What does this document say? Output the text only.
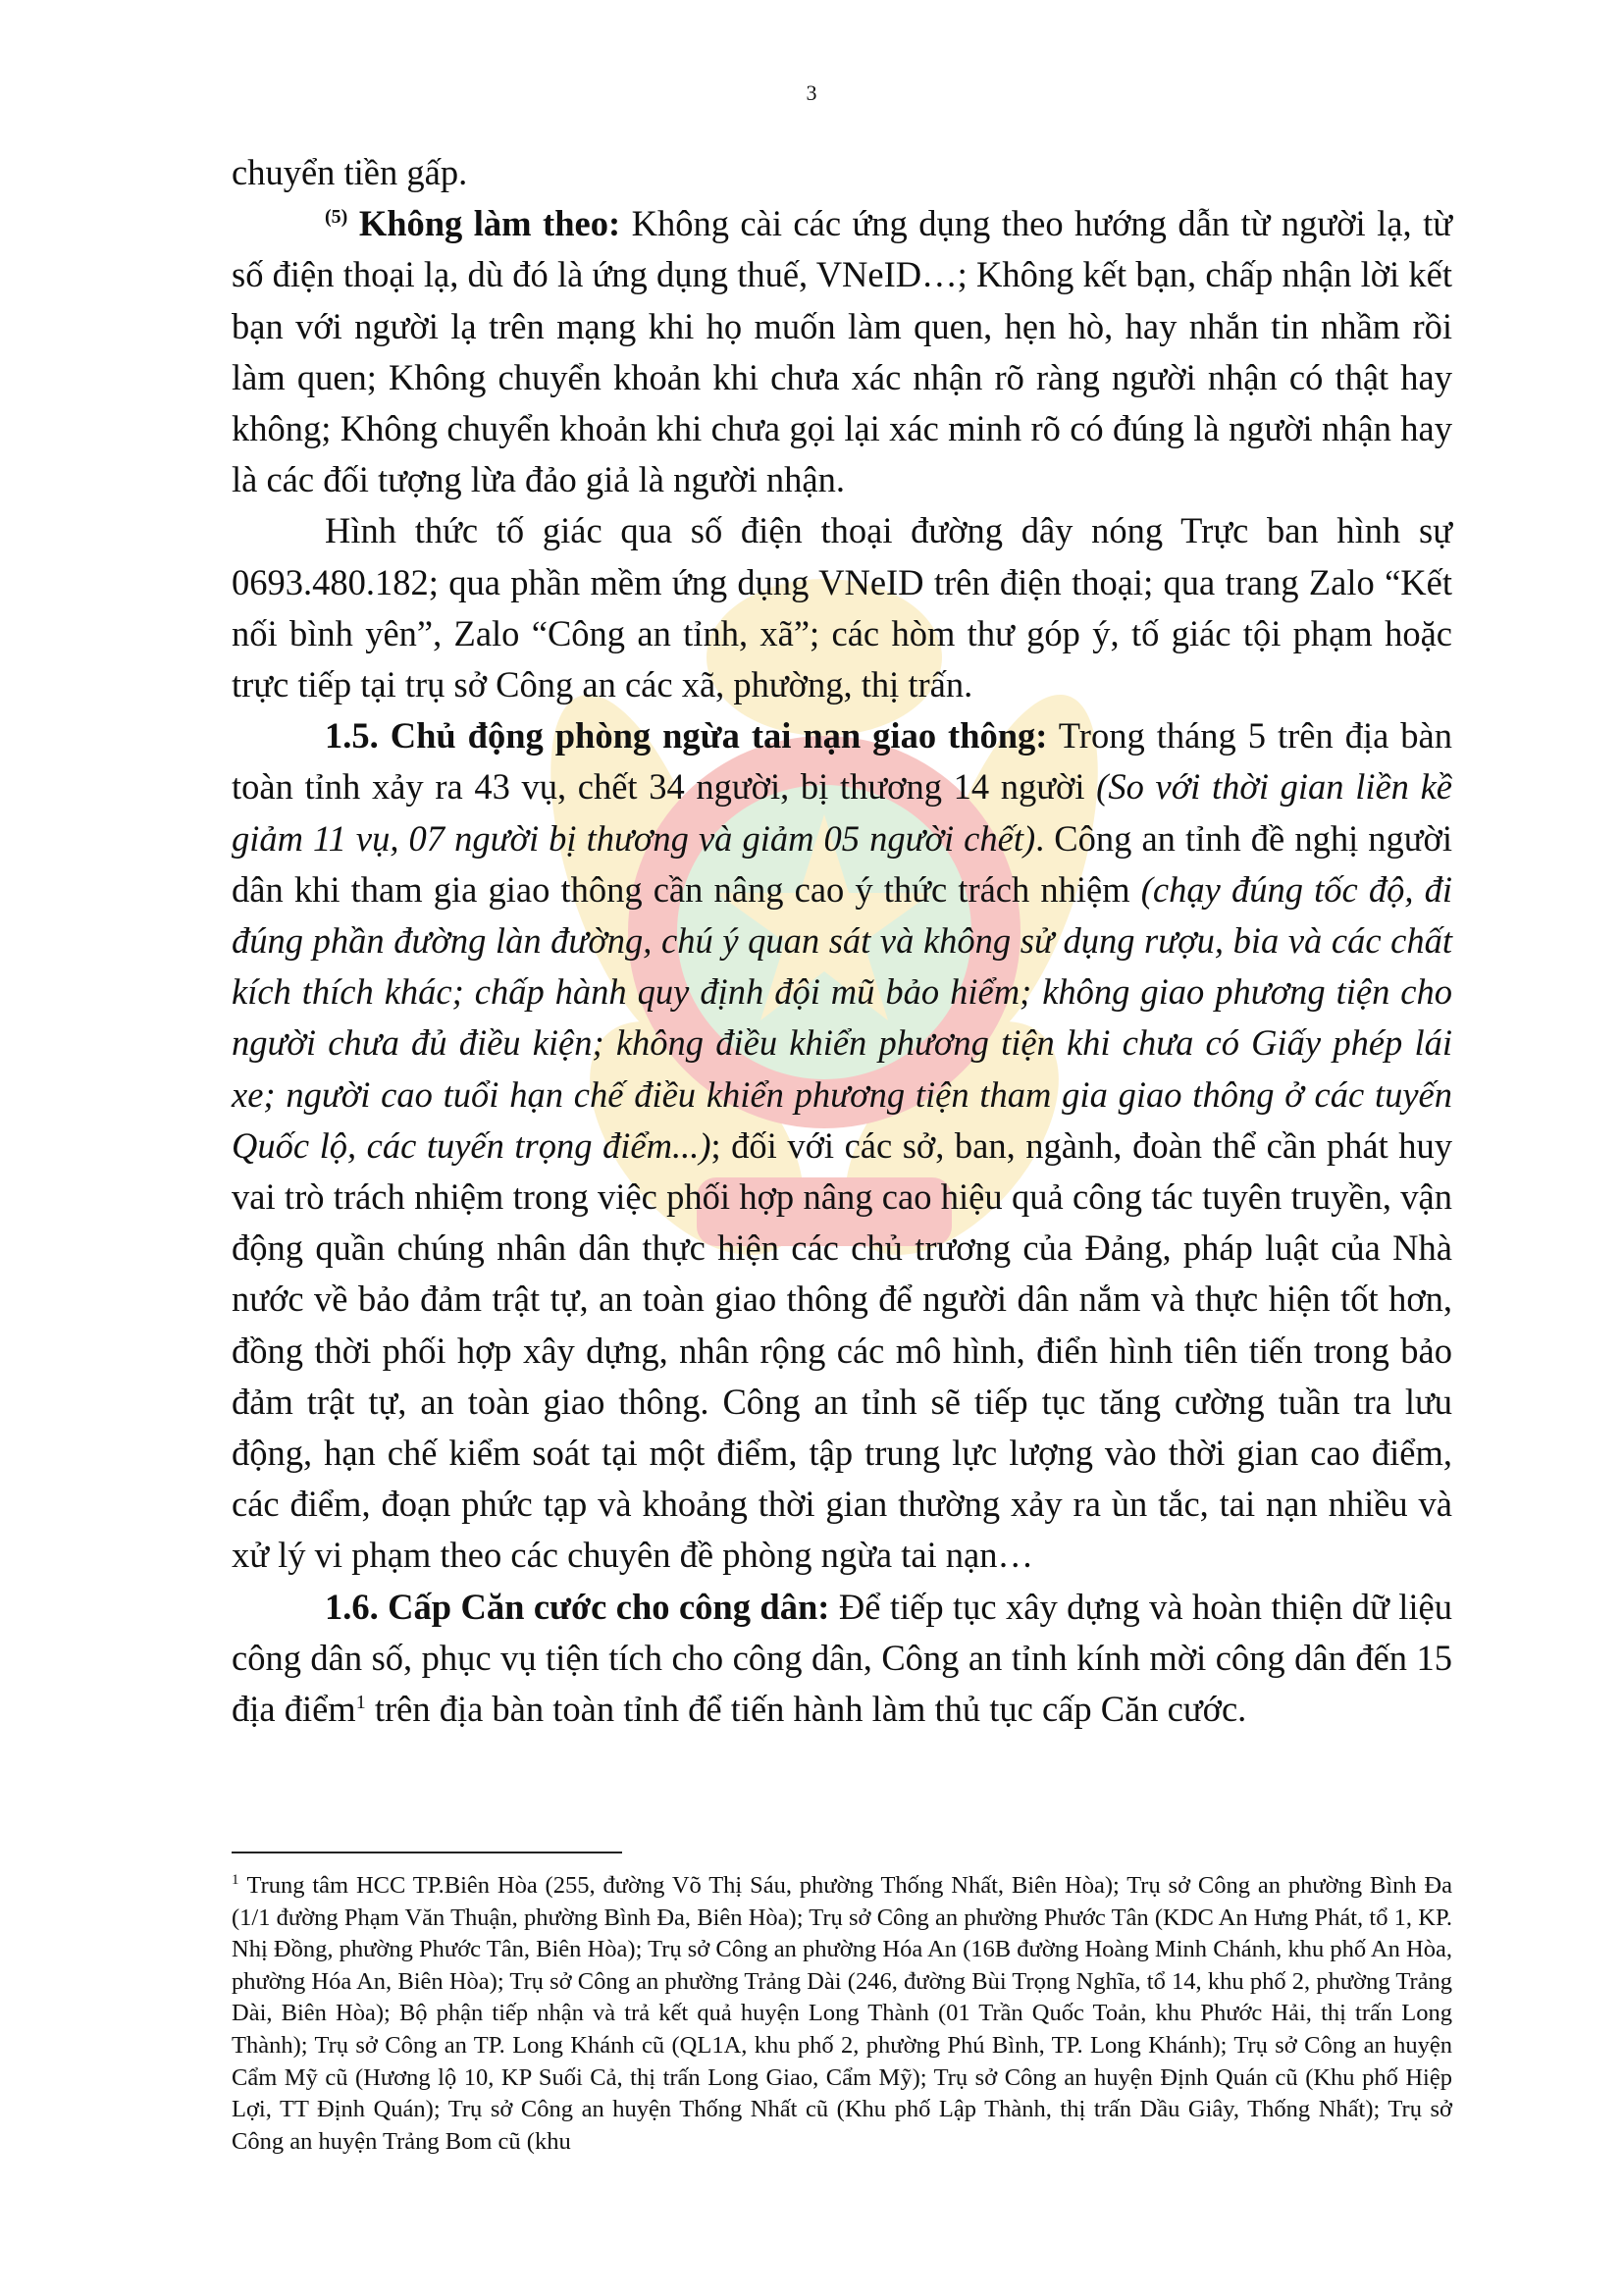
3

chuyển tiền gấp.

$^{(5)}$ Không làm theo: Không cài các ứng dụng theo hướng dẫn từ người lạ, từ số điện thoại lạ, dù đó là ứng dụng thuế, VNeID…; Không kết bạn, chấp nhận lời kết bạn với người lạ trên mạng khi họ muốn làm quen, hẹn hò, hay nhắn tin nhầm rồi làm quen; Không chuyển khoản khi chưa xác nhận rõ ràng người nhận có thật hay không; Không chuyển khoản khi chưa gọi lại xác minh rõ có đúng là người nhận hay là các đối tượng lừa đảo giả là người nhận.

Hình thức tố giác qua số điện thoại đường dây nóng Trực ban hình sự 0693.480.182; qua phần mềm ứng dụng VNeID trên điện thoại; qua trang Zalo “Kết nối bình yên”, Zalo “Công an tỉnh, xã”; các hòm thư góp ý, tố giác tội phạm hoặc trực tiếp tại trụ sở Công an các xã, phường, thị trấn.

1.5. Chủ động phòng ngừa tai nạn giao thông: Trong tháng 5 trên địa bàn toàn tỉnh xảy ra 43 vụ, chết 34 người, bị thương 14 người (So với thời gian liền kề giảm 11 vụ, 07 người bị thương và giảm 05 người chết). Công an tỉnh đề nghị người dân khi tham gia giao thông cần nâng cao ý thức trách nhiệm (chạy đúng tốc độ, đi đúng phần đường làn đường, chú ý quan sát và không sử dụng rượu, bia và các chất kích thích khác; chấp hành quy định đội mũ bảo hiểm; không giao phương tiện cho người chưa đủ điều kiện; không điều khiển phương tiện khi chưa có Giấy phép lái xe; người cao tuổi hạn chế điều khiển phương tiện tham gia giao thông ở các tuyến Quốc lộ, các tuyến trọng điểm...); đối với các sở, ban, ngành, đoàn thể cần phát huy vai trò trách nhiệm trong việc phối hợp nâng cao hiệu quả công tác tuyên truyền, vận động quần chúng nhân dân thực hiện các chủ trương của Đảng, pháp luật của Nhà nước về bảo đảm trật tự, an toàn giao thông để người dân nắm và thực hiện tốt hơn, đồng thời phối hợp xây dựng, nhân rộng các mô hình, điển hình tiên tiến trong bảo đảm trật tự, an toàn giao thông. Công an tỉnh sẽ tiếp tục tăng cường tuần tra lưu động, hạn chế kiểm soát tại một điểm, tập trung lực lượng vào thời gian cao điểm, các điểm, đoạn phức tạp và khoảng thời gian thường xảy ra ùn tắc, tai nạn nhiều và xử lý vi phạm theo các chuyên đề phòng ngừa tai nạn…

1.6. Cấp Căn cước cho công dân: Để tiếp tục xây dựng và hoàn thiện dữ liệu công dân số, phục vụ tiện tích cho công dân, Công an tỉnh kính mời công dân đến 15 địa điểm$^1$ trên địa bàn toàn tỉnh để tiến hành làm thủ tục cấp Căn cước.

$^1$ Trung tâm HCC TP.Biên Hòa (255, đường Võ Thị Sáu, phường Thống Nhất, Biên Hòa); Trụ sở Công an phường Bình Đa (1/1 đường Phạm Văn Thuận, phường Bình Đa, Biên Hòa); Trụ sở Công an phường Phước Tân (KDC An Hưng Phát, tổ 1, KP. Nhị Đồng, phường Phước Tân, Biên Hòa); Trụ sở Công an phường Hóa An (16B đường Hoàng Minh Chánh, khu phố An Hòa, phường Hóa An, Biên Hòa); Trụ sở Công an phường Trảng Dài (246, đường Bùi Trọng Nghĩa, tổ 14, khu phố 2, phường Trảng Dài, Biên Hòa); Bộ phận tiếp nhận và trả kết quả huyện Long Thành (01 Trần Quốc Toản, khu Phước Hải, thị trấn Long Thành); Trụ sở Công an TP. Long Khánh cũ (QL1A, khu phố 2, phường Phú Bình, TP. Long Khánh); Trụ sở Công an huyện Cẩm Mỹ cũ (Hương lộ 10, KP Suối Cả, thị trấn Long Giao, Cẩm Mỹ); Trụ sở Công an huyện Định Quán cũ (Khu phố Hiệp Lợi, TT Định Quán); Trụ sở Công an huyện Thống Nhất cũ (Khu phố Lập Thành, thị trấn Dầu Giây, Thống Nhất); Trụ sở Công an huyện Trảng Bom cũ (khu
